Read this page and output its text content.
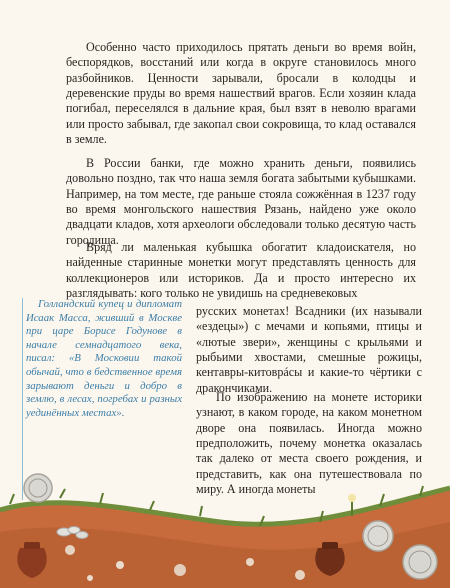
Особенно часто приходилось прятать деньги во время войн, беспорядков, восстаний или когда в округе становилось много разбойников. Ценности зарывали, бросали в колодцы и деревенские пруды во время нашествий врагов. Если хозяин клада погибал, переселялся в дальние края, был взят в неволю врагами или просто забывал, где закопал свои сокровища, то клад оставался в земле.

В России банки, где можно хранить деньги, появились довольно поздно, так что наша земля богата забытыми кубышками. Например, на том месте, где раньше стояла сожжённая в 1237 году во время монгольского нашествия Рязань, найдено уже около двадцати кладов, хотя археологи обследовали только десятую часть городища.

Вряд ли маленькая кубышка обогатит кладоискателя, но найденные старинные монетки могут представлять ценность для коллекционеров или историков. Да и просто интересно их разглядывать: кого только не увидишь на средневековых

Голландский купец и дипломат Исаак Масса, живший в Москве при царе Борисе Годунове в начале семнадцатого века, писал: «В Московии такой обычай, что в бедственное время зарывают деньги и добро в землю, в лесах, погребах и разных уединённых местах».

русских монетах! Всадники (их называли «ездецы») с мечами и копьями, птицы и «лютые звери», женщины с крыльями и рыбьими хвостами, смешные рожицы, кентавры-китоврáсы и какие-то чёртики с дракончиками.

По изображению на монете историки узнают, в каком городе, на каком монетном дворе она появилась. Иногда можно предположить, почему монетка оказалась так далеко от места своего рождения, и представить, как она путешествовала по миру. А иногда монеты
